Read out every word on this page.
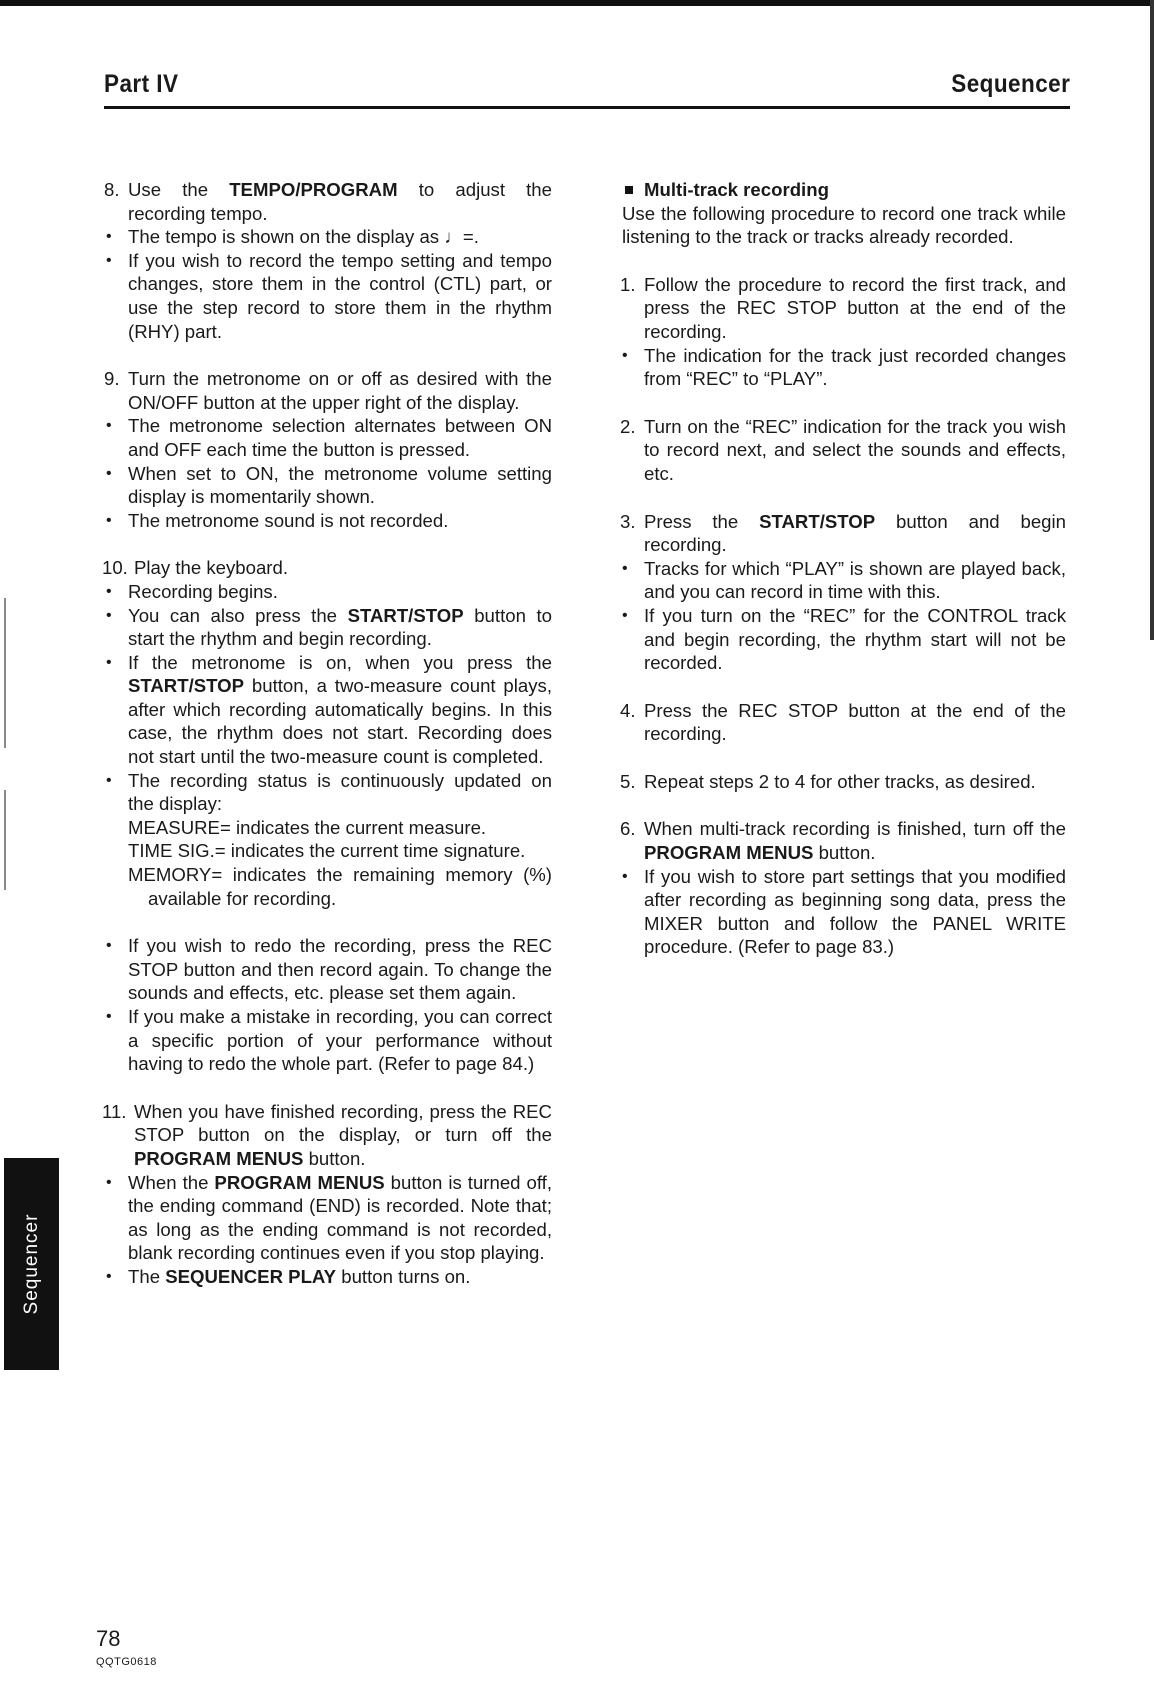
Part IV	Sequencer
8. Use the TEMPO/PROGRAM to adjust the recording tempo.
• The tempo is shown on the display as ♩=.
• If you wish to record the tempo setting and tempo changes, store them in the control (CTL) part, or use the step record to store them in the rhythm (RHY) part.
9. Turn the metronome on or off as desired with the ON/OFF button at the upper right of the display.
• The metronome selection alternates between ON and OFF each time the button is pressed.
• When set to ON, the metronome volume setting display is momentarily shown.
• The metronome sound is not recorded.
10. Play the keyboard.
• Recording begins.
• You can also press the START/STOP button to start the rhythm and begin recording.
• If the metronome is on, when you press the START/STOP button, a two-measure count plays, after which recording automatically begins. In this case, the rhythm does not start. Recording does not start until the two-measure count is completed.
• The recording status is continuously updated on the display:
MEASURE= indicates the current measure.
TIME SIG.= indicates the current time signature.
MEMORY= indicates the remaining memory (%) available for recording.
• If you wish to redo the recording, press the REC STOP button and then record again. To change the sounds and effects, etc. please set them again.
• If you make a mistake in recording, you can correct a specific portion of your performance without having to redo the whole part. (Refer to page 84.)
11. When you have finished recording, press the REC STOP button on the display, or turn off the PROGRAM MENUS button.
• When the PROGRAM MENUS button is turned off, the ending command (END) is recorded. Note that; as long as the ending command is not recorded, blank recording continues even if you stop playing.
• The SEQUENCER PLAY button turns on.
Multi-track recording
Use the following procedure to record one track while listening to the track or tracks already recorded.
1. Follow the procedure to record the first track, and press the REC STOP button at the end of the recording.
• The indication for the track just recorded changes from “REC” to “PLAY”.
2. Turn on the “REC” indication for the track you wish to record next, and select the sounds and effects, etc.
3. Press the START/STOP button and begin recording.
• Tracks for which “PLAY” is shown are played back, and you can record in time with this.
• If you turn on the “REC” for the CONTROL track and begin recording, the rhythm start will not be recorded.
4. Press the REC STOP button at the end of the recording.
5. Repeat steps 2 to 4 for other tracks, as desired.
6. When multi-track recording is finished, turn off the PROGRAM MENUS button.
• If you wish to store part settings that you modified after recording as beginning song data, press the MIXER button and follow the PANEL WRITE procedure. (Refer to page 83.)
Sequencer
78
QQTG0618
